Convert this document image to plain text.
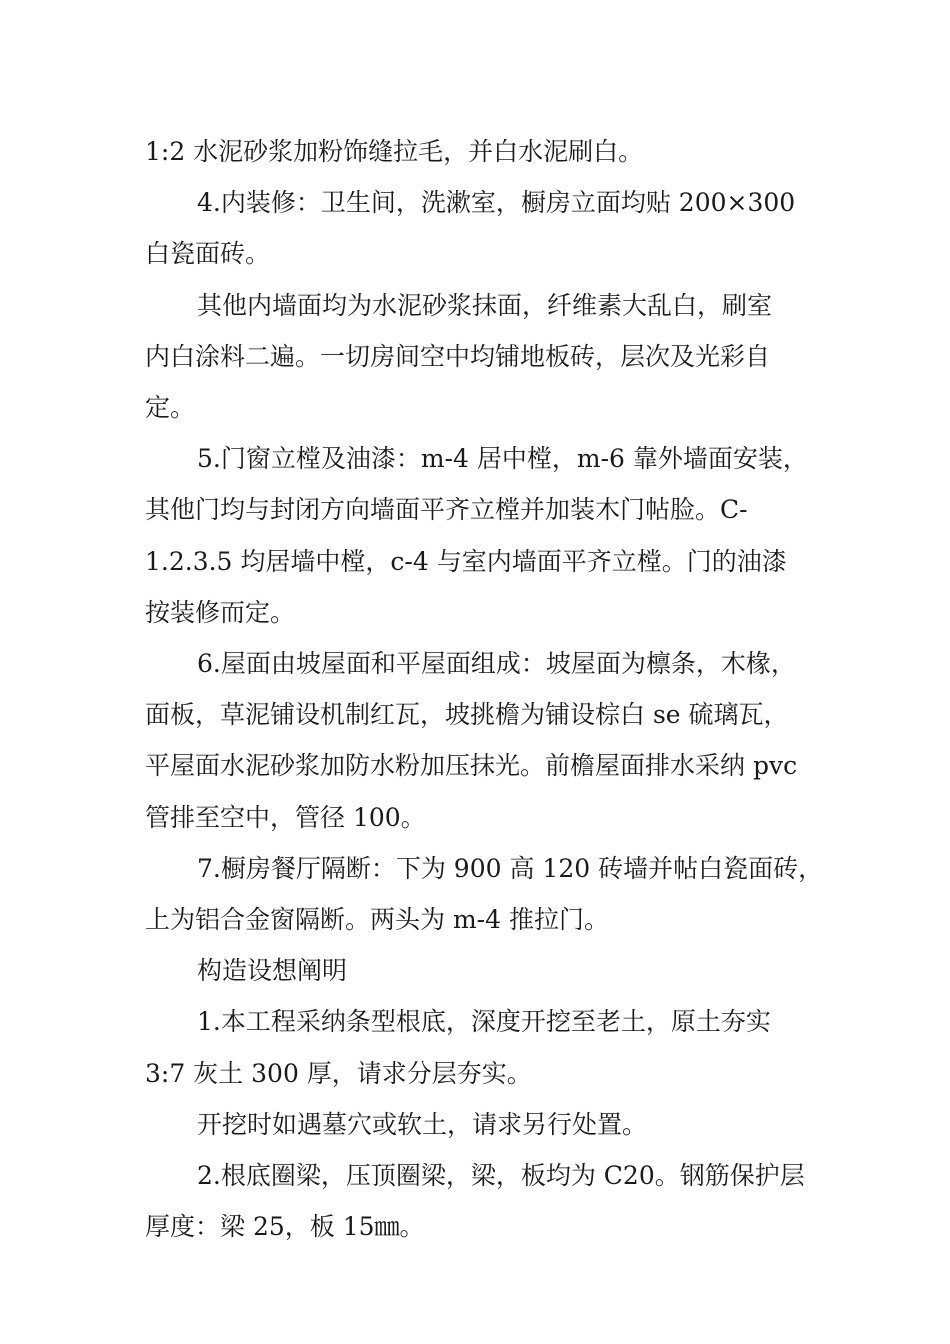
1:2 水泥砂浆加粉饰缝拉毛，并白水泥刷白。

4.内装修：卫生间，洗漱室，橱房立面均贴 200×300

白瓷面砖。

其他内墙面均为水泥砂浆抹面，纤维素大乱白，刷室

内白涂料二遍。一切房间空中均铺地板砖，层次及光彩自

定。

5.门窗立樘及油漆：m-4 居中樘，m-6 靠外墙面安装，

其他门均与封闭方向墙面平齐立樘并加装木门帖脸。C-

1.2.3.5 均居墙中樘，c-4 与室内墙面平齐立樘。门的油漆

按装修而定。

6.屋面由坡屋面和平屋面组成：坡屋面为檩条，木椽，

面板，草泥铺设机制红瓦，坡挑檐为铺设棕白 se 硫璃瓦，

平屋面水泥砂浆加防水粉加压抹光。前檐屋面排水采纳 pvc

管排至空中，管径 100。

7.橱房餐厅隔断：下为 900 高 120 砖墙并帖白瓷面砖，

上为铝合金窗隔断。两头为 m-4 推拉门。

构造设想阐明

1.本工程采纳条型根底，深度开挖至老土，原土夯实

3:7 灰土 300 厚，请求分层夯实。

开挖时如遇墓穴或软土，请求另行处置。

2.根底圈梁，压顶圈梁，梁，板均为 C20。钢筋保护层

厚度：梁 25，板 15㎜。
